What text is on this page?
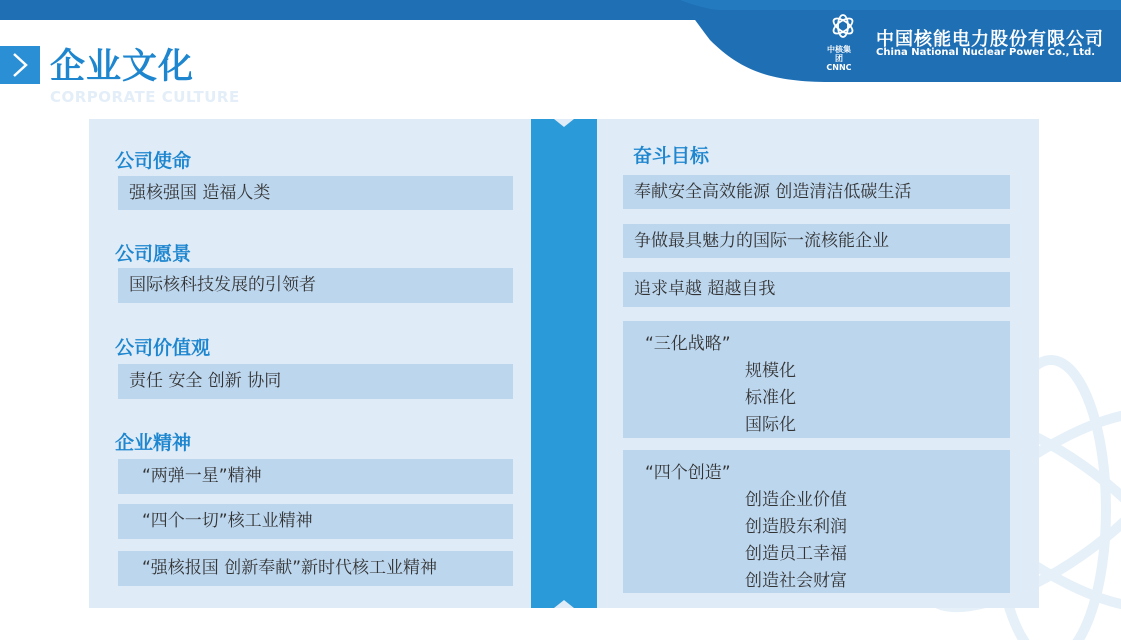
中核集团
CNNC
中国核能电力股份有限公司
China National Nuclear Power Co., Ltd.
企业文化
CORPORATE CULTURE
公司使命
强核强国 造福人类
公司愿景
国际核科技发展的引领者
公司价值观
责任 安全 创新 协同
企业精神
“两弹一星”精神
“四个一切”核工业精神
“强核报国 创新奉献”新时代核工业精神
奋斗目标
奉献安全高效能源 创造清洁低碳生活
争做最具魅力的国际一流核能企业
追求卓越 超越自我
“三化战略”
规模化
标准化
国际化
“四个创造”
创造企业价值
创造股东利润
创造员工幸福
创造社会财富
